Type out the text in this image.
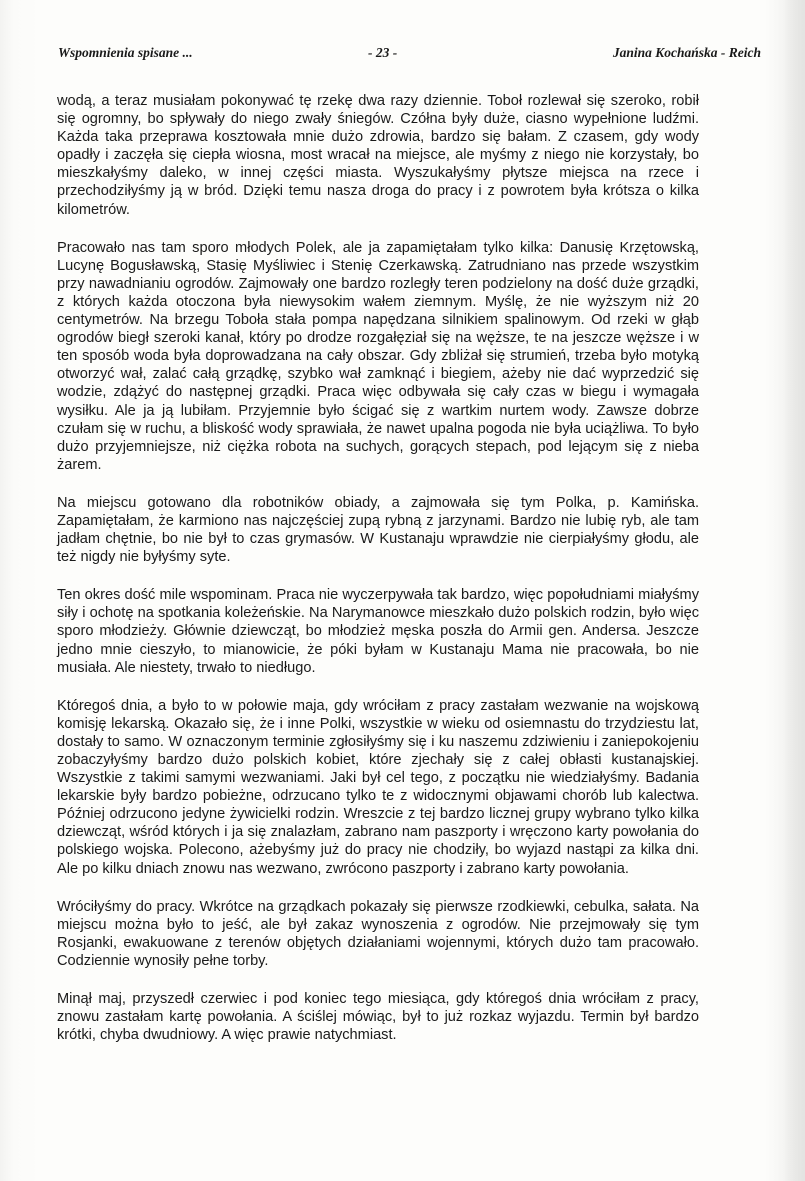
Wspomnienia spisane ...	- 23 -	Janina Kochańska - Reich

wodą, a teraz musiałam pokonywać tę rzekę dwa razy dziennie. Toboł rozlewał się szeroko, robił się ogromny, bo spływały do niego zwały śniegów. Czółna były duże, ciasno wypełnione ludźmi. Każda taka przeprawa kosztowała mnie dużo zdrowia, bardzo się bałam. Z czasem, gdy wody opadły i zaczęła się ciepła wiosna, most wracał na miejsce, ale myśmy z niego nie korzystały, bo mieszkałyśmy daleko, w innej części miasta. Wyszukałyśmy płytsze miejsca na rzece i przechodziłyśmy ją w bród. Dzięki temu nasza droga do pracy i z powrotem była krótsza o kilka kilometrów.

Pracowało nas tam sporo młodych Polek, ale ja zapamiętałam tylko kilka: Danusię Krzętowską, Lucynę Bogusławską, Stasię Myśliwiec i Stenię Czerkawską. Zatrudniano nas przede wszystkim przy nawadnianiu ogrodów. Zajmowały one bardzo rozległy teren podzielony na dość duże grządki, z których każda otoczona była niewysokim wałem ziemnym. Myślę, że nie wyższym niż 20 centymetrów. Na brzegu Toboła stała pompa napędzana silnikiem spalinowym. Od rzeki w głąb ogrodów biegł szeroki kanał, który po drodze rozgałęział się na węższe, te na jeszcze węższe i w ten sposób woda była doprowadzana na cały obszar. Gdy zbliżał się strumień, trzeba było motyką otworzyć wał, zalać całą grządkę, szybko wał zamknąć i biegiem, ażeby nie dać wyprzedzić się wodzie, zdążyć do następnej grządki. Praca więc odbywała się cały czas w biegu i wymagała wysiłku. Ale ja ją lubiłam. Przyjemnie było ścigać się z wartkim nurtem wody. Zawsze dobrze czułam się w ruchu, a bliskość wody sprawiała, że nawet upalna pogoda nie była uciążliwa. To było dużo przyjemniejsze, niż ciężka robota na suchych, gorących stepach, pod lejącym się z nieba żarem.

Na miejscu gotowano dla robotników obiady, a zajmowała się tym Polka, p. Kamińska. Zapamiętałam, że karmiono nas najczęściej zupą rybną z jarzynami. Bardzo nie lubię ryb, ale tam jadłam chętnie, bo nie był to czas grymasów. W Kustanaju wprawdzie nie cierpiałyśmy głodu, ale też nigdy nie byłyśmy syte.

Ten okres dość mile wspominam. Praca nie wyczerpywała tak bardzo, więc popołudniami miałyśmy siły i ochotę na spotkania koleżeńskie. Na Narymanowce mieszkało dużo polskich rodzin, było więc sporo młodzieży. Głównie dziewcząt, bo młodzież męska poszła do Armii gen. Andersa. Jeszcze jedno mnie cieszyło, to mianowicie, że póki byłam w Kustanaju Mama nie pracowała, bo nie musiała. Ale niestety, trwało to niedługo.

Któregoś dnia, a było to w połowie maja, gdy wróciłam z pracy zastałam wezwanie na wojskową komisję lekarską. Okazało się, że i inne Polki, wszystkie w wieku od osiemnastu do trzydziestu lat, dostały to samo. W oznaczonym terminie zgłosiłyśmy się i ku naszemu zdziwieniu i zaniepokojeniu zobaczyłyśmy bardzo dużo polskich kobiet, które zjechały się z całej obłasti kustanajskiej. Wszystkie z takimi samymi wezwaniami. Jaki był cel tego, z początku nie wiedziałyśmy. Badania lekarskie były bardzo pobieżne, odrzucano tylko te z widocznymi objawami chorób lub kalectwa. Później odrzucono jedyne żywicielki rodzin. Wreszcie z tej bardzo licznej grupy wybrano tylko kilka dziewcząt, wśród których i ja się znalazłam, zabrano nam paszporty i wręczono karty powołania do polskiego wojska. Polecono, ażebyśmy już do pracy nie chodziły, bo wyjazd nastąpi za kilka dni. Ale po kilku dniach znowu nas wezwano, zwrócono paszporty i zabrano karty powołania.

Wróciłyśmy do pracy. Wkrótce na grządkach pokazały się pierwsze rzodkiewki, cebulka, sałata. Na miejscu można było to jeść, ale był zakaz wynoszenia z ogrodów. Nie przejmowały się tym Rosjanki, ewakuowane z terenów objętych działaniami wojennymi, których dużo tam pracowało. Codziennie wynosiły pełne torby.

Minął maj, przyszedł czerwiec i pod koniec tego miesiąca, gdy któregoś dnia wróciłam z pracy, znowu zastałam kartę powołania. A ściślej mówiąc, był to już rozkaz wyjazdu. Termin był bardzo krótki, chyba dwudniowy. A więc prawie natychmiast.
